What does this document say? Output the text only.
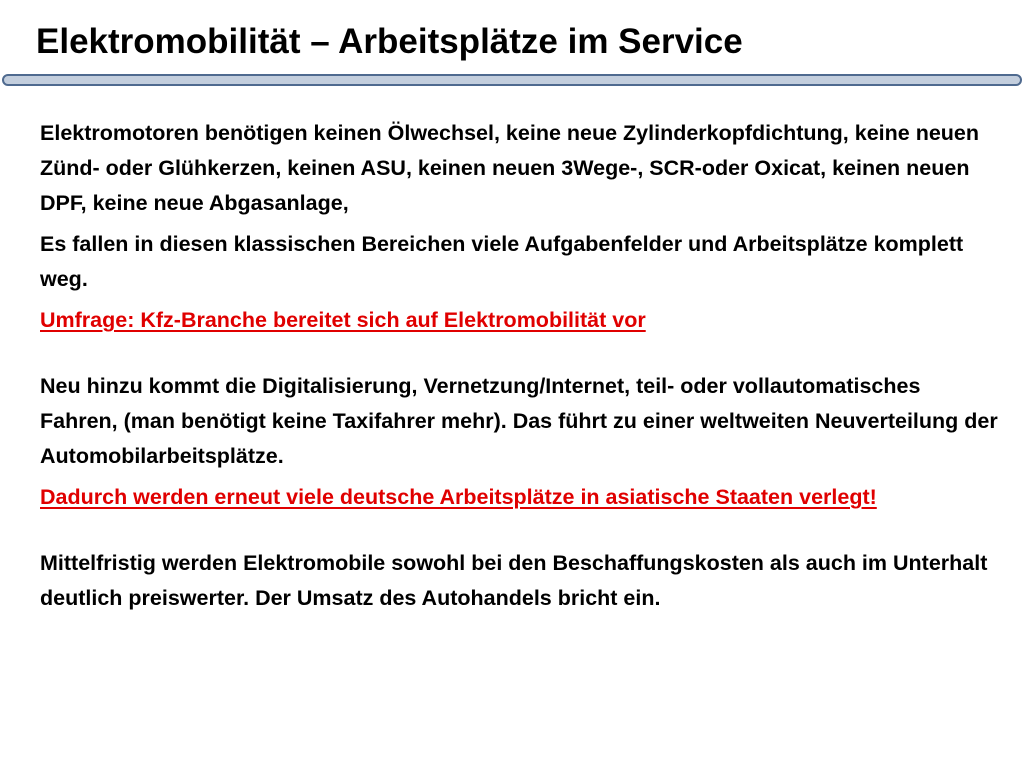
Elektromobilität – Arbeitsplätze im Service

Elektromotoren benötigen keinen Ölwechsel, keine neue Zylinderkopfdichtung, keine neuen Zünd- oder Glühkerzen, keinen ASU, keinen neuen 3Wege-, SCR-oder Oxicat, keinen neuen DPF, keine neue Abgasanlage,

Es fallen in diesen klassischen Bereichen viele Aufgabenfelder und Arbeitsplätze komplett weg.

Umfrage: Kfz-Branche bereitet sich auf Elektromobilität vor

Neu hinzu kommt die Digitalisierung, Vernetzung/Internet, teil- oder vollautomatisches Fahren, (man benötigt keine Taxifahrer mehr). Das führt zu einer weltweiten Neuverteilung der Automobilarbeitsplätze.

Dadurch werden erneut viele deutsche Arbeitsplätze in asiatische Staaten verlegt!

Mittelfristig werden Elektromobile sowohl bei den Beschaffungskosten als auch im Unterhalt deutlich preiswerter. Der Umsatz des Autohandels bricht ein.
